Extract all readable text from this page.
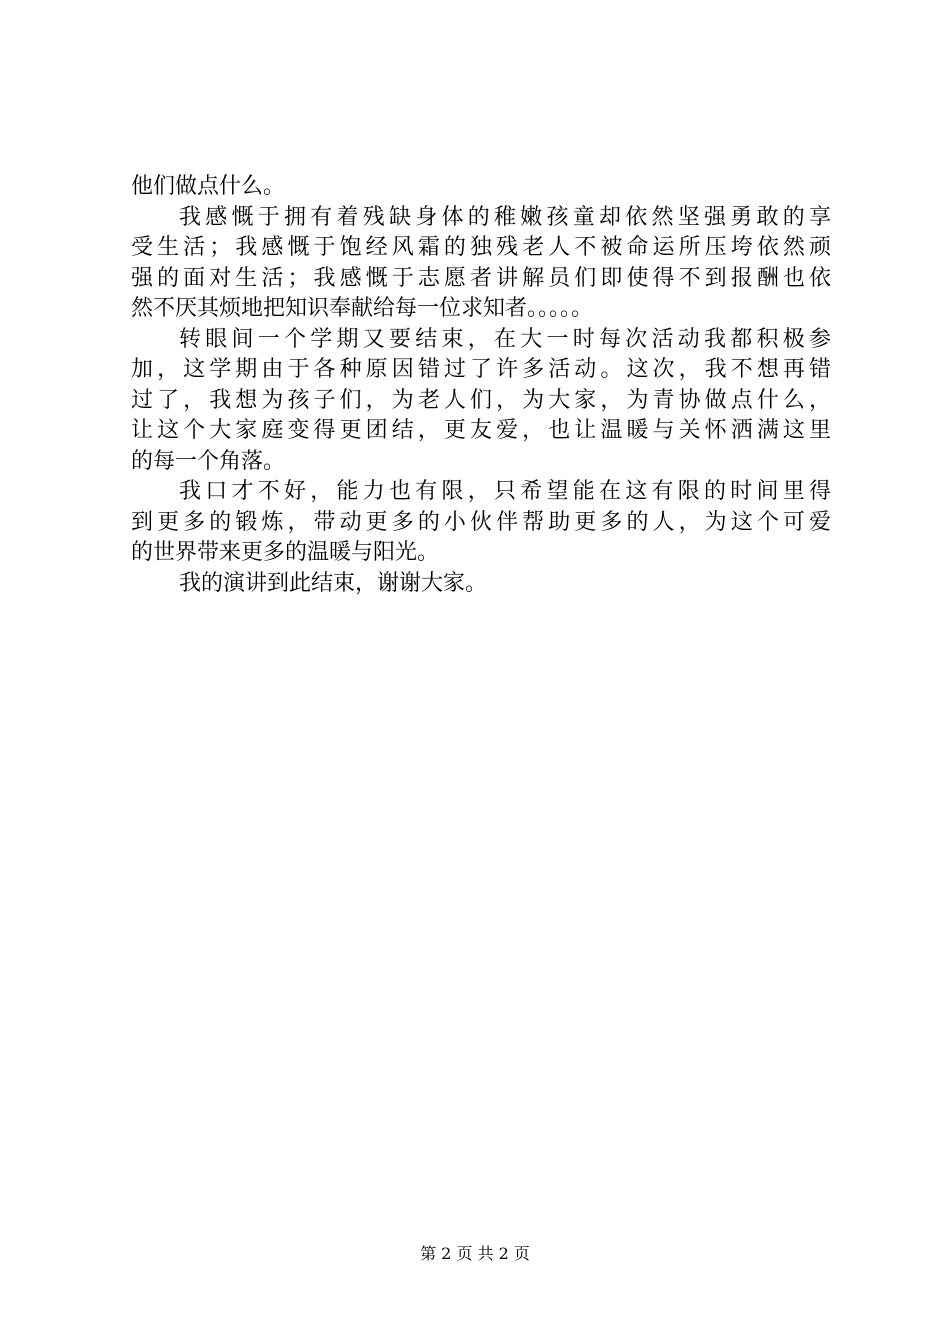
他们做点什么。
我感慨于拥有着残缺身体的稚嫩孩童却依然坚强勇敢的享
受生活；我感慨于饱经风霜的独残老人不被命运所压垮依然顽
强的面对生活；我感慨于志愿者讲解员们即使得不到报酬也依
然不厌其烦地把知识奉献给每一位求知者。。。。。
转眼间一个学期又要结束，在大一时每次活动我都积极参
加，这学期由于各种原因错过了许多活动。这次，我不想再错
过了，我想为孩子们，为老人们，为大家，为青协做点什么，
让这个大家庭变得更团结，更友爱，也让温暖与关怀洒满这里
的每一个角落。
我口才不好，能力也有限，只希望能在这有限的时间里得
到更多的锻炼，带动更多的小伙伴帮助更多的人，为这个可爱
的世界带来更多的温暖与阳光。
我的演讲到此结束，谢谢大家。
第 2 页 共 2 页
